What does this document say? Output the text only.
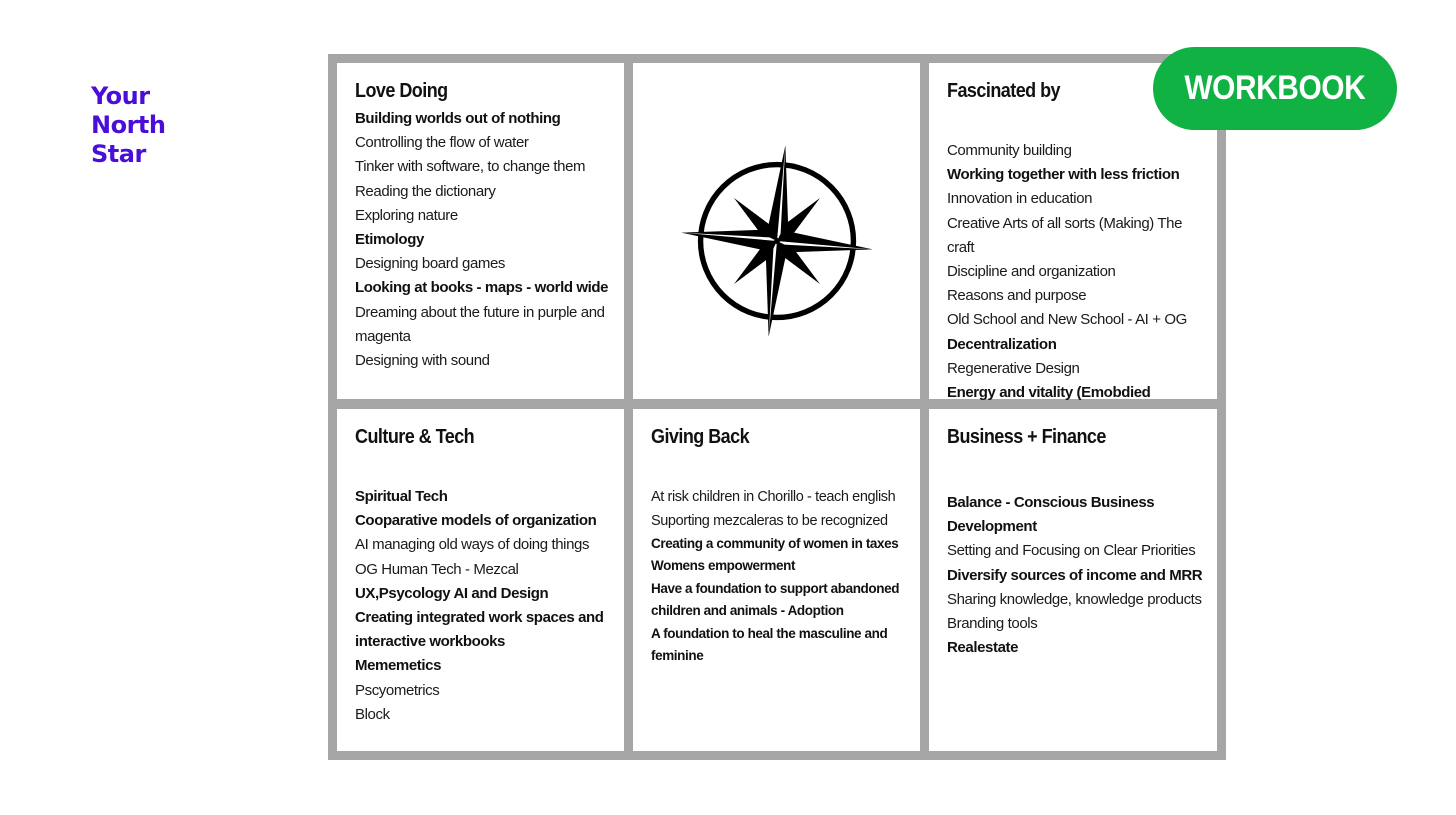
Your
North
Star
Love Doing
Building worlds out of nothing
Controlling the flow of water
Tinker with software, to change them
Reading the dictionary
Exploring nature
Etimology
Designing board games
Looking at books - maps - world wide
Dreaming about the future in purple and magenta
Designing with sound
Fascinated by
Community building
Working together with less friction
Innovation in education
Creative Arts of all sorts (Making) The craft
Discipline and organization
Reasons and purpose
Old School and New School - AI + OG
Decentralization
Regenerative Design
Energy and vitality (Emobdied
Culture & Tech
Spiritual Tech
Cooparative models of organization
AI managing old ways of doing things
OG Human Tech - Mezcal
UX,Psycology AI and Design
Creating integrated work spaces and interactive workbooks
Mememetics
Pscyometrics
Block
Giving Back
At risk children in Chorillo - teach english
Suporting mezcaleras to be recognized
Creating a community of women in taxes
Womens empowerment
Have a foundation to support abandoned children and animals - Adoption
A foundation to heal the masculine and feminine
Business + Finance
Balance - Conscious Business Development
Setting and Focusing on Clear Priorities
Diversify sources of income and MRR
Sharing knowledge, knowledge products
Branding tools
Realestate
WORKBOOK
